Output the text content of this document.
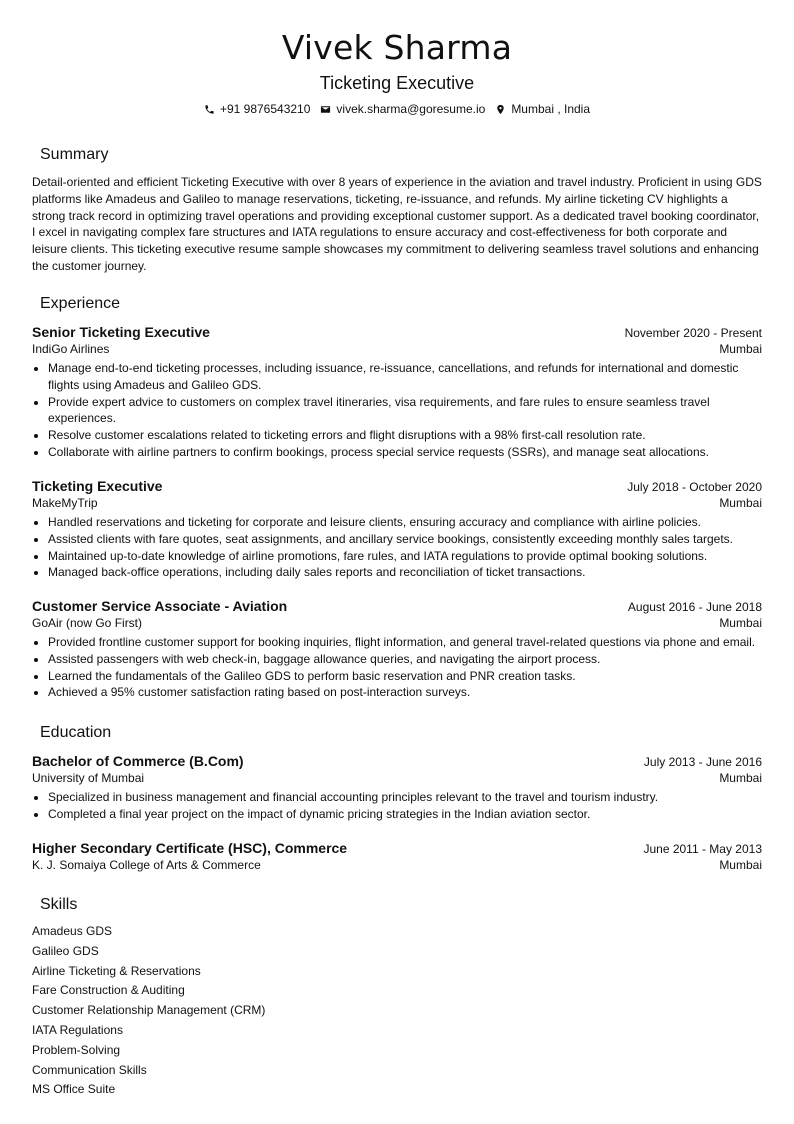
Vivek Sharma
Ticketing Executive
+91 9876543210 vivek.sharma@goresume.io Mumbai , India
Summary
Detail-oriented and efficient Ticketing Executive with over 8 years of experience in the aviation and travel industry. Proficient in using GDS platforms like Amadeus and Galileo to manage reservations, ticketing, re-issuance, and refunds. My airline ticketing CV highlights a strong track record in optimizing travel operations and providing exceptional customer support. As a dedicated travel booking coordinator, I excel in navigating complex fare structures and IATA regulations to ensure accuracy and cost-effectiveness for both corporate and leisure clients. This ticketing executive resume sample showcases my commitment to delivering seamless travel solutions and enhancing the customer journey.
Experience
Senior Ticketing Executive	November 2020 - Present
IndiGo Airlines	Mumbai
Manage end-to-end ticketing processes, including issuance, re-issuance, cancellations, and refunds for international and domestic flights using Amadeus and Galileo GDS.
Provide expert advice to customers on complex travel itineraries, visa requirements, and fare rules to ensure seamless travel experiences.
Resolve customer escalations related to ticketing errors and flight disruptions with a 98% first-call resolution rate.
Collaborate with airline partners to confirm bookings, process special service requests (SSRs), and manage seat allocations.
Ticketing Executive	July 2018 - October 2020
MakeMyTrip	Mumbai
Handled reservations and ticketing for corporate and leisure clients, ensuring accuracy and compliance with airline policies.
Assisted clients with fare quotes, seat assignments, and ancillary service bookings, consistently exceeding monthly sales targets.
Maintained up-to-date knowledge of airline promotions, fare rules, and IATA regulations to provide optimal booking solutions.
Managed back-office operations, including daily sales reports and reconciliation of ticket transactions.
Customer Service Associate - Aviation	August 2016 - June 2018
GoAir (now Go First)	Mumbai
Provided frontline customer support for booking inquiries, flight information, and general travel-related questions via phone and email.
Assisted passengers with web check-in, baggage allowance queries, and navigating the airport process.
Learned the fundamentals of the Galileo GDS to perform basic reservation and PNR creation tasks.
Achieved a 95% customer satisfaction rating based on post-interaction surveys.
Education
Bachelor of Commerce (B.Com)	July 2013 - June 2016
University of Mumbai	Mumbai
Specialized in business management and financial accounting principles relevant to the travel and tourism industry.
Completed a final year project on the impact of dynamic pricing strategies in the Indian aviation sector.
Higher Secondary Certificate (HSC), Commerce	June 2011 - May 2013
K. J. Somaiya College of Arts & Commerce	Mumbai
Skills
Amadeus GDS
Galileo GDS
Airline Ticketing & Reservations
Fare Construction & Auditing
Customer Relationship Management (CRM)
IATA Regulations
Problem-Solving
Communication Skills
MS Office Suite
